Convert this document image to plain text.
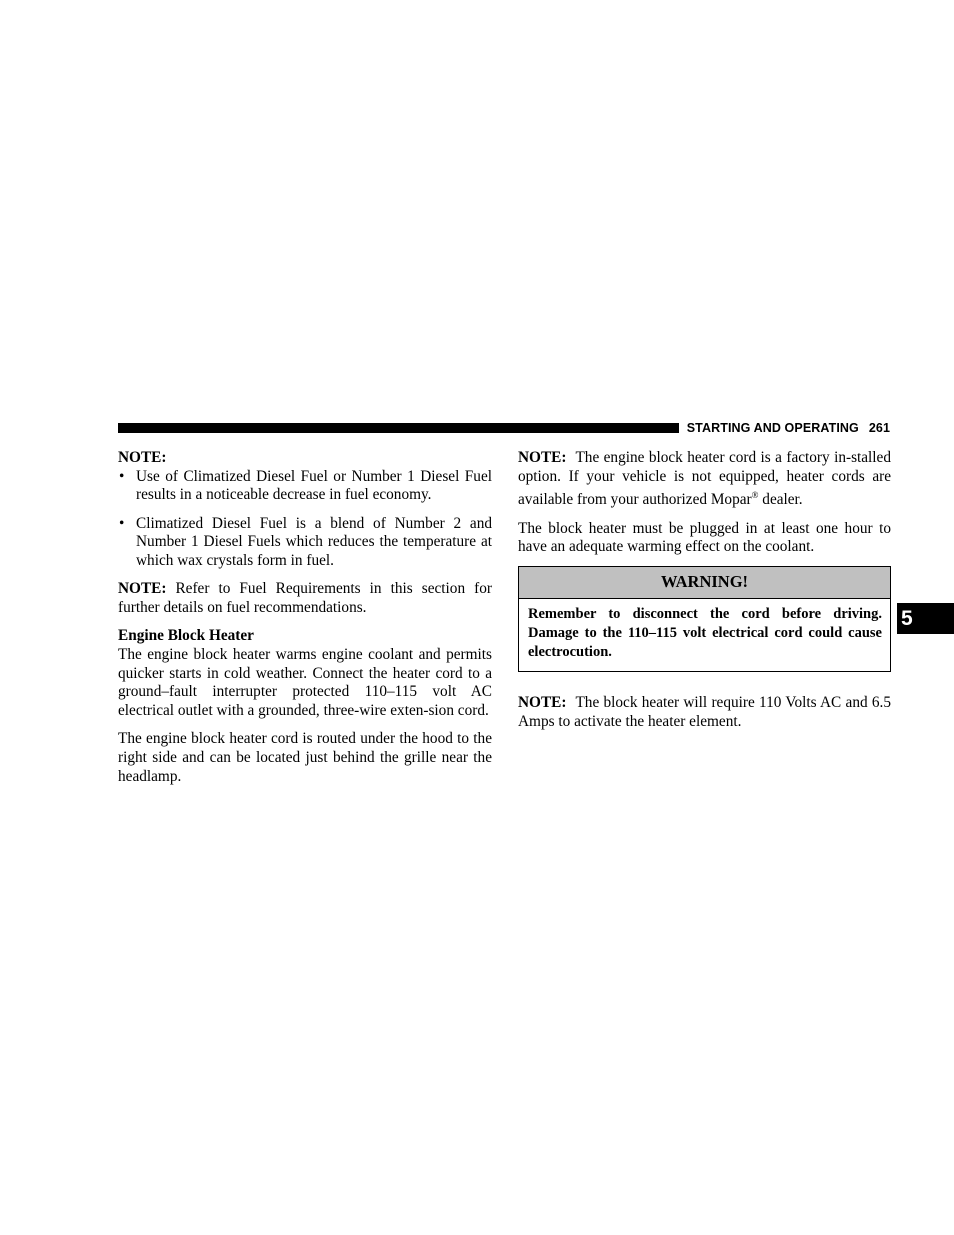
STARTING AND OPERATING 261
5

NOTE:

• Use of Climatized Diesel Fuel or Number 1 Diesel Fuel results in a noticeable decrease in fuel economy.
• Climatized Diesel Fuel is a blend of Number 2 and Number 1 Diesel Fuels which reduces the temperature at which wax crystals form in fuel.

NOTE: Refer to Fuel Requirements in this section for further details on fuel recommendations.

Engine Block Heater

The engine block heater warms engine coolant and permits quicker starts in cold weather. Connect the heater cord to a ground–fault interrupter protected 110–115 volt AC electrical outlet with a grounded, three-wire exten-sion cord.

The engine block heater cord is routed under the hood to the right side and can be located just behind the grille near the headlamp.

NOTE: The engine block heater cord is a factory in-stalled option. If your vehicle is not equipped, heater cords are available from your authorized Mopar® dealer.

The block heater must be plugged in at least one hour to have an adequate warming effect on the coolant.

WARNING!
Remember to disconnect the cord before driving. Damage to the 110–115 volt electrical cord could cause electrocution.

NOTE: The block heater will require 110 Volts AC and 6.5 Amps to activate the heater element.
